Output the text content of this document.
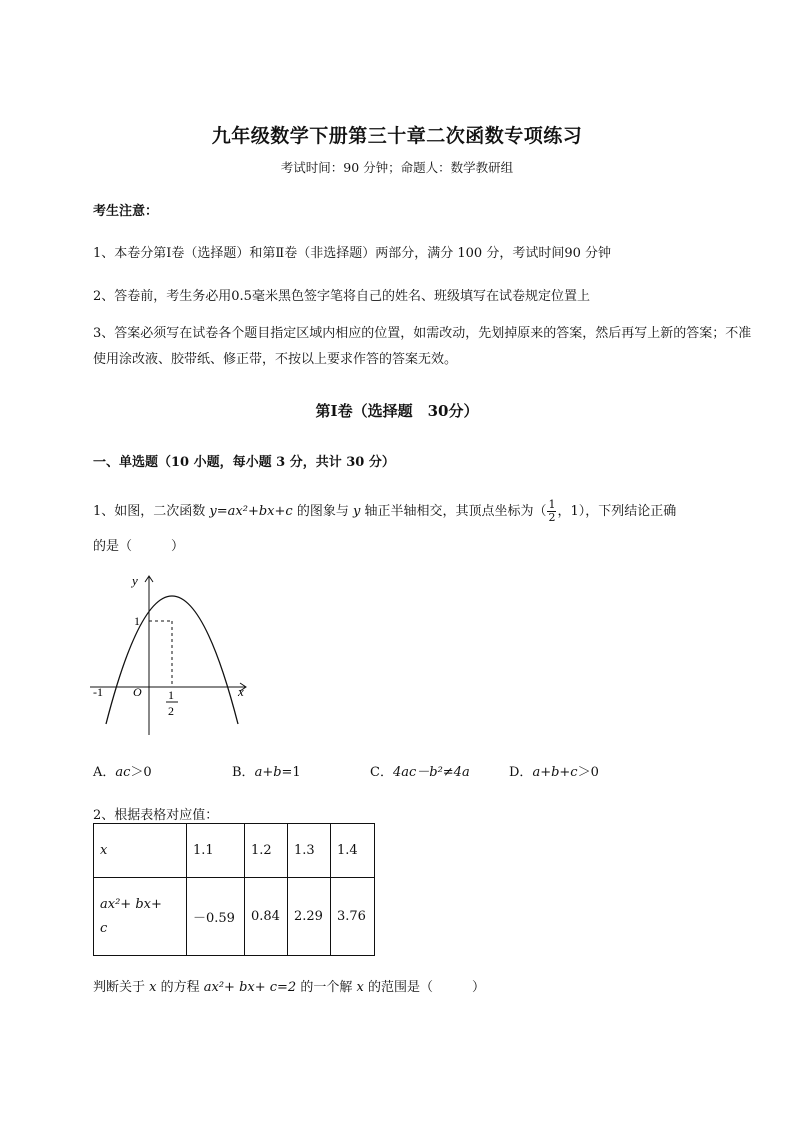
九年级数学下册第三十章二次函数专项练习
考试时间：90 分钟；命题人：数学教研组
考生注意：
1、本卷分第Ⅰ卷（选择题）和第Ⅱ卷（非选择题）两部分，满分 100 分，考试时间90 分钟
2、答卷前，考生务必用0.5毫米黑色签字笔将自己的姓名、班级填写在试卷规定位置上
3、答案必须写在试卷各个题目指定区域内相应的位置，如需改动，先划掉原来的答案，然后再写上新的答案；不准使用涂改液、胶带纸、修正带，不按以上要求作答的答案无效。
第Ⅰ卷（选择题　30分）
一、单选题（10 小题，每小题 3 分，共计 30 分）
1、如图，二次函数 y=ax²+bx+c 的图象与 y 轴正半轴相交，其顶点坐标为（ $\frac{1}{2}$ ，1），下列结论正确
的是（　　　）
y
x
1
-1	O 1
2
A．ac＞0	B．a+b=1	C．4ac－b²≠4a	D．a+b+c＞0
2、根据表格对应值：
x	1.1	1.2	1.3	1.4
ax²+ bx+
c	－0.59	0.84	2.29	3.76
判断关于 x 的方程 ax²+ bx+ c=2 的一个解 x 的范围是（　　　）
